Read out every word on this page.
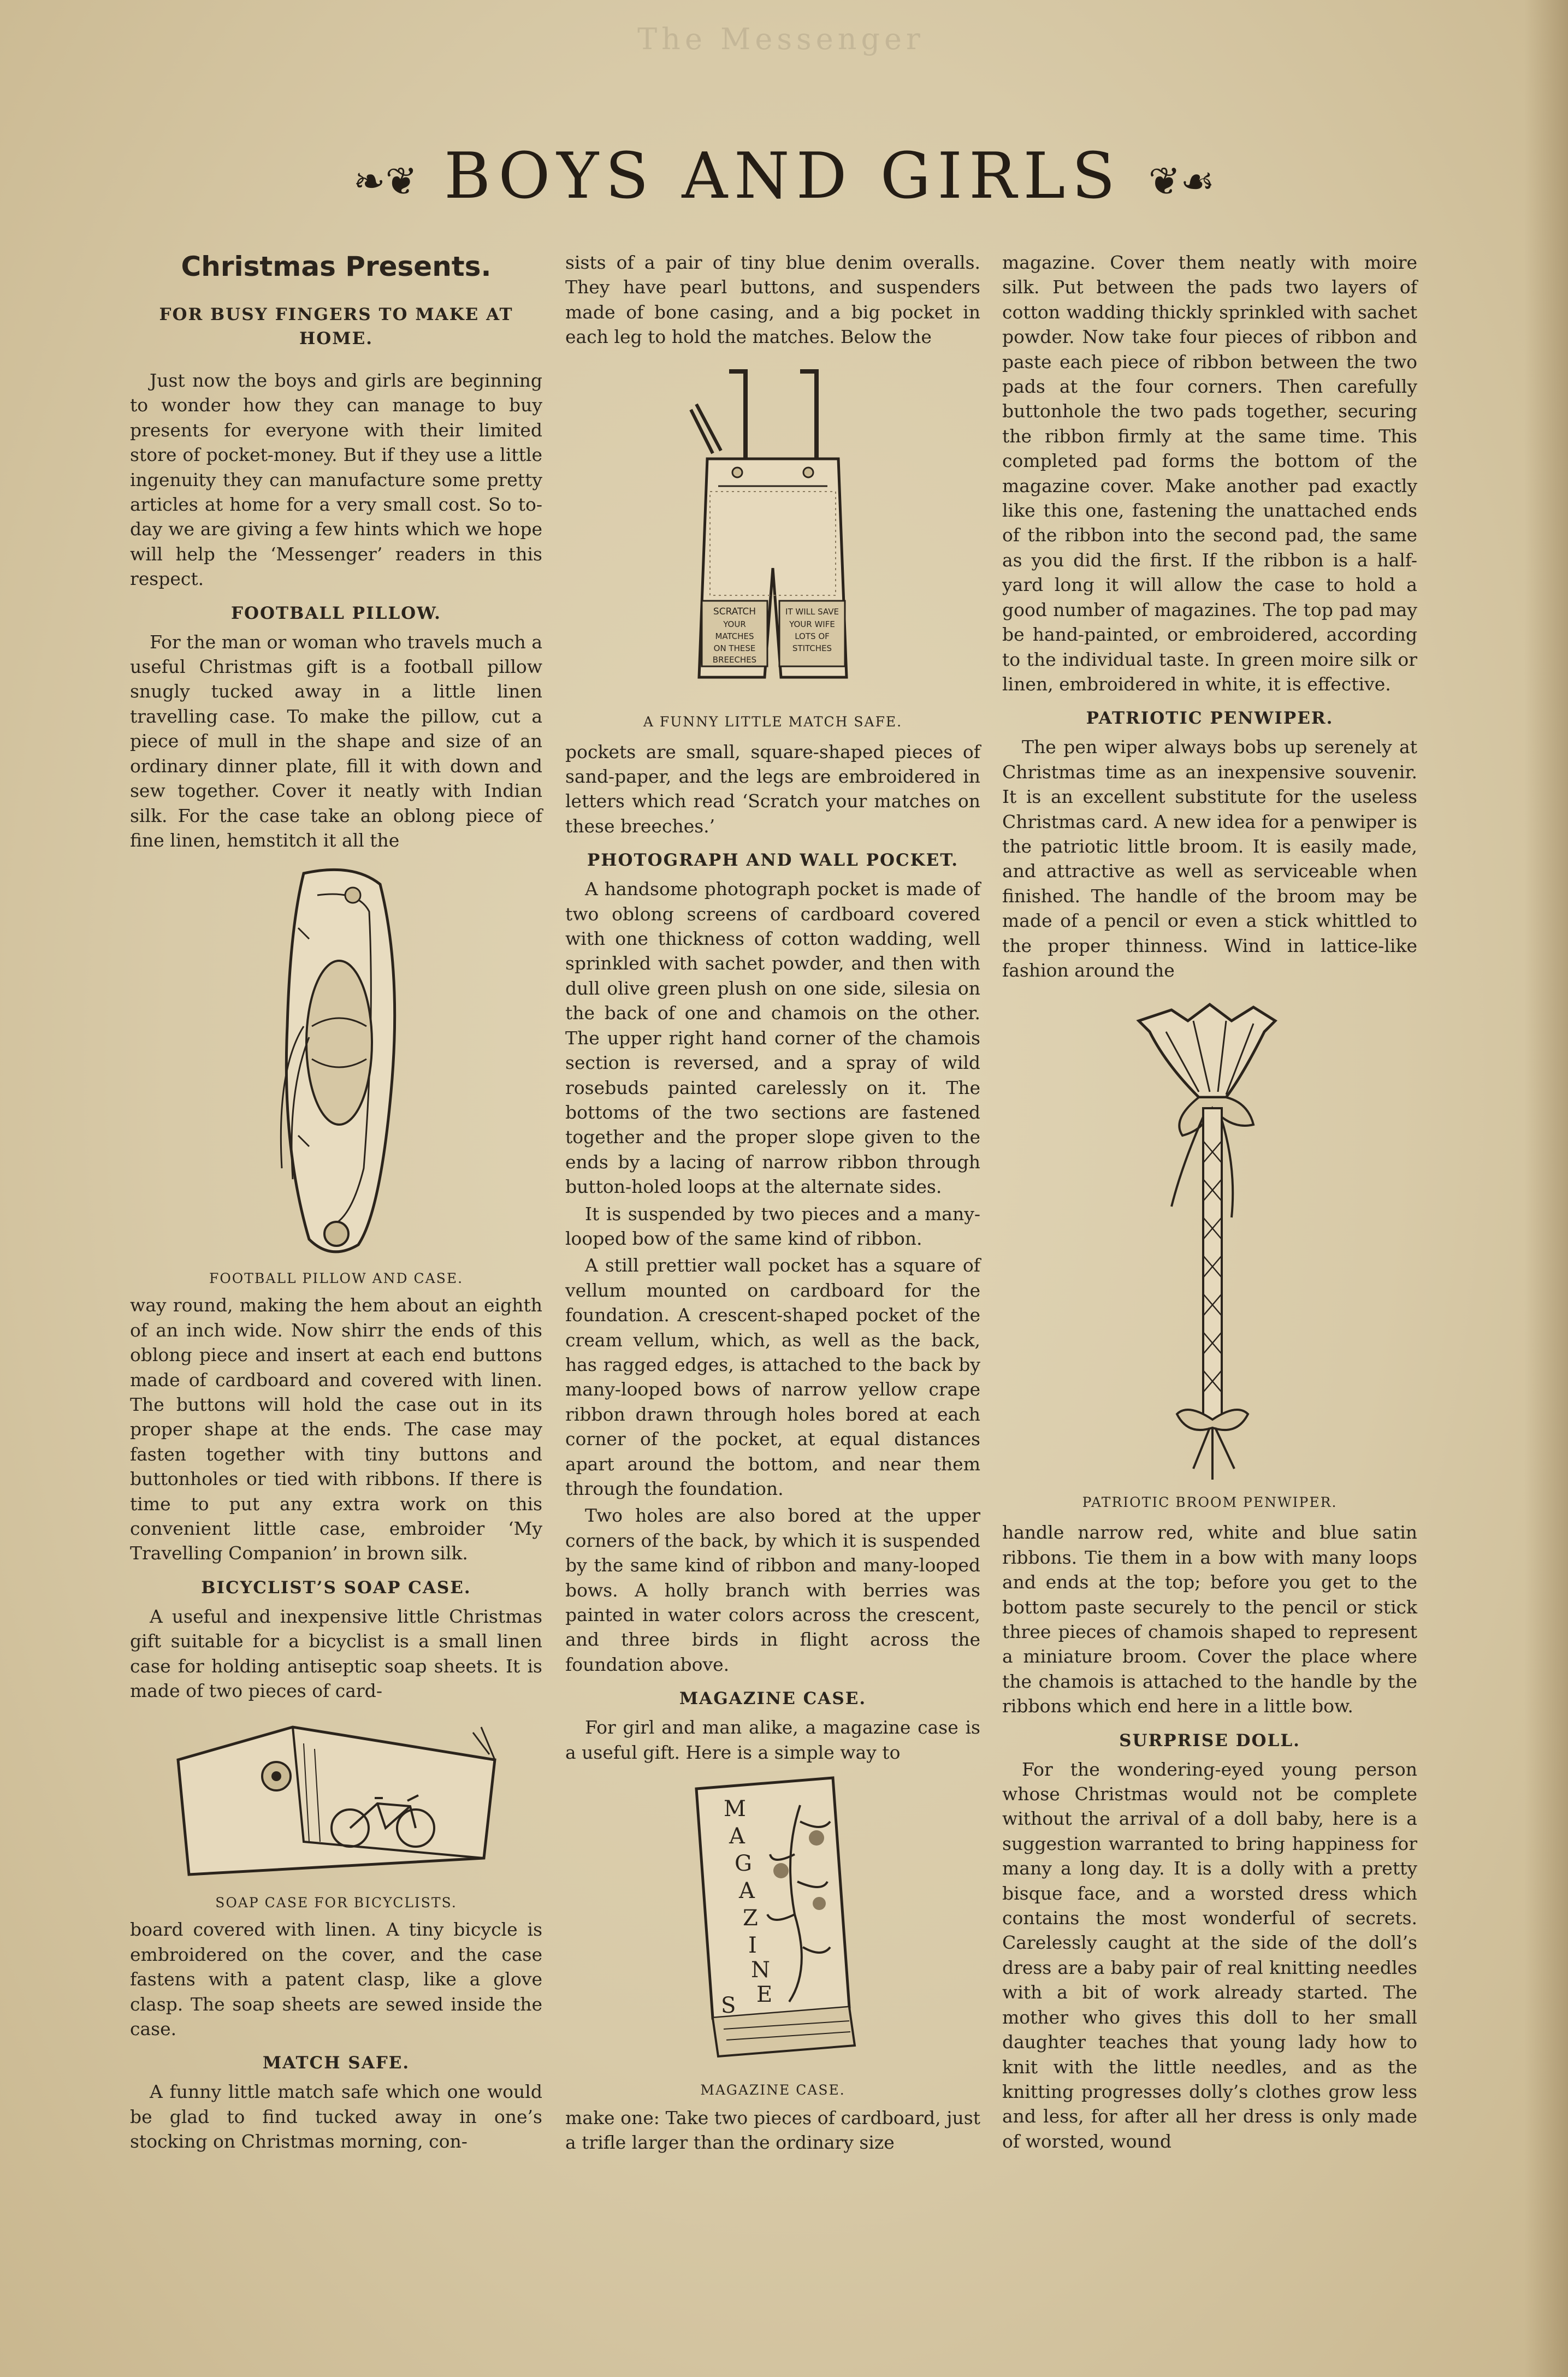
The Messenger
❧❦ BOYS AND GIRLS ❦☙
Christmas Presents.
FOR BUSY FINGERS TO MAKE AT HOME.

Just now the boys and girls are beginning to wonder how they can manage to buy presents for everyone with their limited store of pocket-money. But if they use a little ingenuity they can manufacture some pretty articles at home for a very small cost. So to-day we are giving a few hints which we hope will help the ‘Messenger’ readers in this respect.

FOOTBALL PILLOW.

For the man or woman who travels much a useful Christmas gift is a football pillow snugly tucked away in a little linen travelling case. To make the pillow, cut a piece of mull in the shape and size of an ordinary dinner plate, fill it with down and sew together. Cover it neatly with Indian silk. For the case take an oblong piece of fine linen, hemstitch it all the

FOOTBALL PILLOW AND CASE.

way round, making the hem about an eighth of an inch wide. Now shirr the ends of this oblong piece and insert at each end buttons made of cardboard and covered with linen. The buttons will hold the case out in its proper shape at the ends. The case may fasten together with tiny buttons and buttonholes or tied with ribbons. If there is time to put any extra work on this convenient little case, embroider ‘My Travelling Companion’ in brown silk.

BICYCLIST’S SOAP CASE.

A useful and inexpensive little Christmas gift suitable for a bicyclist is a small linen case for holding antiseptic soap sheets. It is made of two pieces of card-

SOAP CASE FOR BICYCLISTS.

board covered with linen. A tiny bicycle is embroidered on the cover, and the case fastens with a patent clasp, like a glove clasp. The soap sheets are sewed inside the case.

MATCH SAFE.

A funny little match safe which one would be glad to find tucked away in one’s stocking on Christmas morning, con-

sists of a pair of tiny blue denim overalls. They have pearl buttons, and suspenders made of bone casing, and a big pocket in each leg to hold the matches. Below the

SCRATCH
YOUR
MATCHES
ON THESE
BREECHES
IT WILL SAVE
YOUR WIFE
LOTS OF
STITCHES
A FUNNY LITTLE MATCH SAFE.

pockets are small, square-shaped pieces of sand-paper, and the legs are embroidered in letters which read ‘Scratch your matches on these breeches.’

PHOTOGRAPH AND WALL POCKET.

A handsome photograph pocket is made of two oblong screens of cardboard covered with one thickness of cotton wadding, well sprinkled with sachet powder, and then with dull olive green plush on one side, silesia on the back of one and chamois on the other. The upper right hand corner of the chamois section is reversed, and a spray of wild rosebuds painted carelessly on it. The bottoms of the two sections are fastened together and the proper slope given to the ends by a lacing of narrow ribbon through button-holed loops at the alternate sides.

It is suspended by two pieces and a many-looped bow of the same kind of ribbon.

A still prettier wall pocket has a square of vellum mounted on cardboard for the foundation. A crescent-shaped pocket of the cream vellum, which, as well as the back, has ragged edges, is attached to the back by many-looped bows of narrow yellow crape ribbon drawn through holes bored at each corner of the pocket, at equal distances apart around the bottom, and near them through the foundation.

Two holes are also bored at the upper corners of the back, by which it is suspended by the same kind of ribbon and many-looped bows. A holly branch with berries was painted in water colors across the crescent, and three birds in flight across the foundation above.

MAGAZINE CASE.

For girl and man alike, a magazine case is a useful gift. Here is a simple way to

M
A
G
A
Z
I
N
E
S
MAGAZINE CASE.

make one: Take two pieces of cardboard, just a trifle larger than the ordinary size

magazine. Cover them neatly with moire silk. Put between the pads two layers of cotton wadding thickly sprinkled with sachet powder. Now take four pieces of ribbon and paste each piece of ribbon between the two pads at the four corners. Then carefully buttonhole the two pads together, securing the ribbon firmly at the same time. This completed pad forms the bottom of the magazine cover. Make another pad exactly like this one, fastening the unattached ends of the ribbon into the second pad, the same as you did the first. If the ribbon is a half-yard long it will allow the case to hold a good number of magazines. The top pad may be hand-painted, or embroidered, according to the individual taste. In green moire silk or linen, embroidered in white, it is effective.

PATRIOTIC PENWIPER.

The pen wiper always bobs up serenely at Christmas time as an inexpensive souvenir. It is an excellent substitute for the useless Christmas card. A new idea for a penwiper is the patriotic little broom. It is easily made, and attractive as well as serviceable when finished. The handle of the broom may be made of a pencil or even a stick whittled to the proper thinness. Wind in lattice-like fashion around the

PATRIOTIC BROOM PENWIPER.

handle narrow red, white and blue satin ribbons. Tie them in a bow with many loops and ends at the top; before you get to the bottom paste securely to the pencil or stick three pieces of chamois shaped to represent a miniature broom. Cover the place where the chamois is attached to the handle by the ribbons which end here in a little bow.

SURPRISE DOLL.

For the wondering-eyed young person whose Christmas would not be complete without the arrival of a doll baby, here is a suggestion warranted to bring happiness for many a long day. It is a dolly with a pretty bisque face, and a worsted dress which contains the most wonderful of secrets. Carelessly caught at the side of the doll’s dress are a baby pair of real knitting needles with a bit of work already started. The mother who gives this doll to her small daughter teaches that young lady how to knit with the little needles, and as the knitting progresses dolly’s clothes grow less and less, for after all her dress is only made of worsted, wound
